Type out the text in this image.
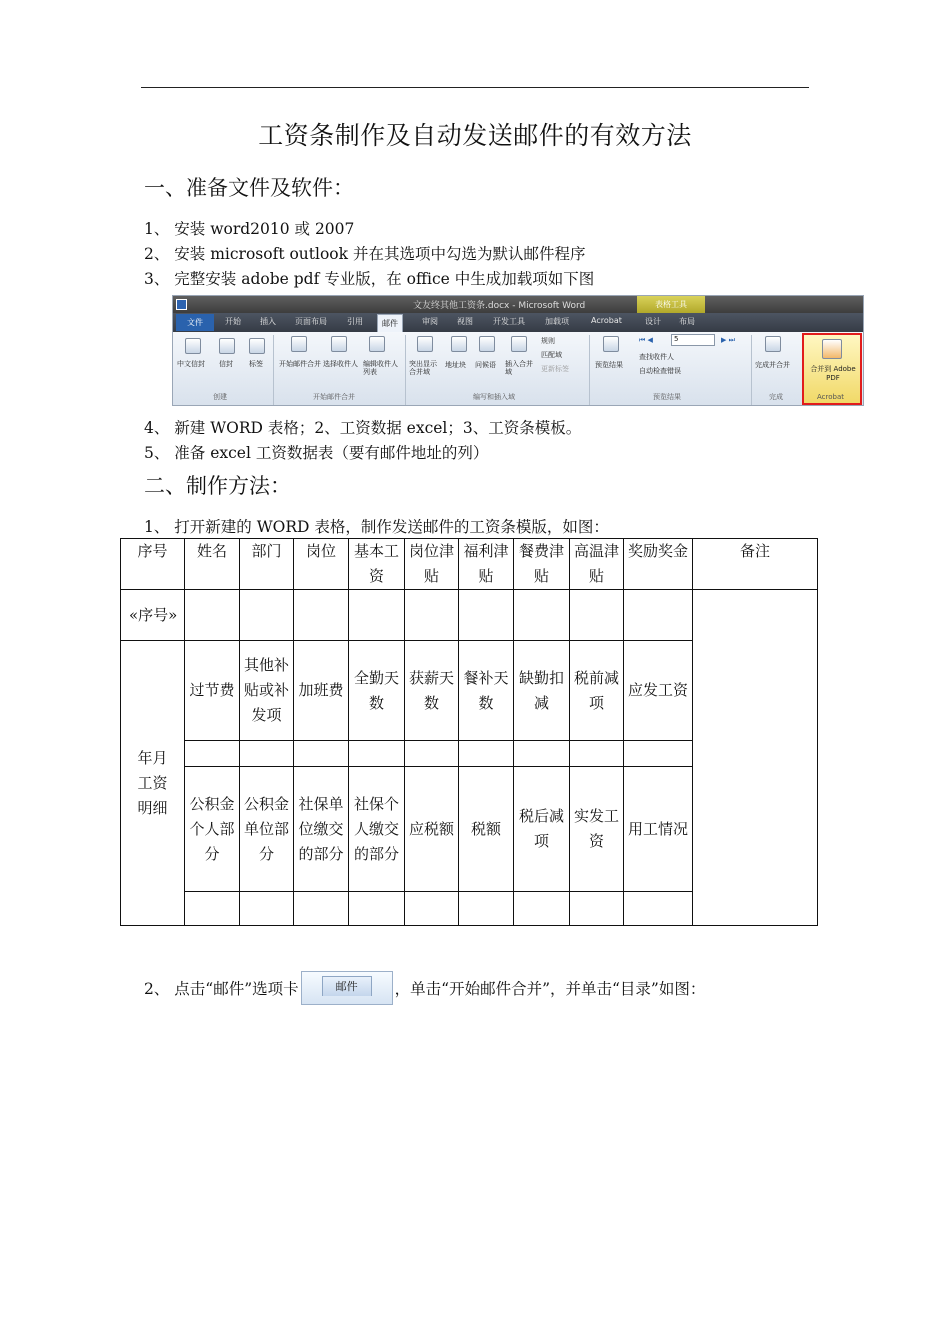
工资条制作及自动发送邮件的有效方法
一、准备文件及软件：
1、 安装 word2010 或 2007
2、 安装 microsoft outlook 并在其选项中勾选为默认邮件程序
3、 完整安装 adobe pdf 专业版，在 office 中生成加载项如下图
文友终其他工资条.docx - Microsoft Word	表格工具
文件	开始 插入 页面布局	引用	邮件	审阅 视图	开发工具	加载项	Acrobat	设计 布局
中文信封 信封 标签
创建
开始邮件合并 选择收件人 编辑收件人列表
开始邮件合并
突出显示合并域
地址块 问候语 插入合并域
规则
匹配域
更新标签
编写和插入域
预览结果
⏮ ◀	5	▶ ⏭
查找收件人
自动检查错误
预览结果
完成并合并
完成
合并到 Adobe PDF
Acrobat
4、 新建 WORD 表格；2、工资数据 excel；3、工资条模板。
5、 准备 excel 工资数据表（要有邮件地址的列）
二、制作方法：
1、 打开新建的 WORD 表格，制作发送邮件的工资条模版，如图：
序号	姓名	部门	岗位	基本工资	岗位津贴	福利津贴	餐费津贴	高温津贴	奖励奖金	备注
«序号»										
年月工资明细	过节费	其他补贴或补发项	加班费	全勤天数	获薪天数	餐补天数	缺勤扣减	税前减项	应发工资	

	公积金个人部分	公积金单位部分	社保单位缴交的部分	社保个人缴交的部分	应税额	税额	税后减项	实发工资	用工情况	

2、 点击“邮件”选项卡	邮件	，单击“开始邮件合并”，并单击“目录”如图：
